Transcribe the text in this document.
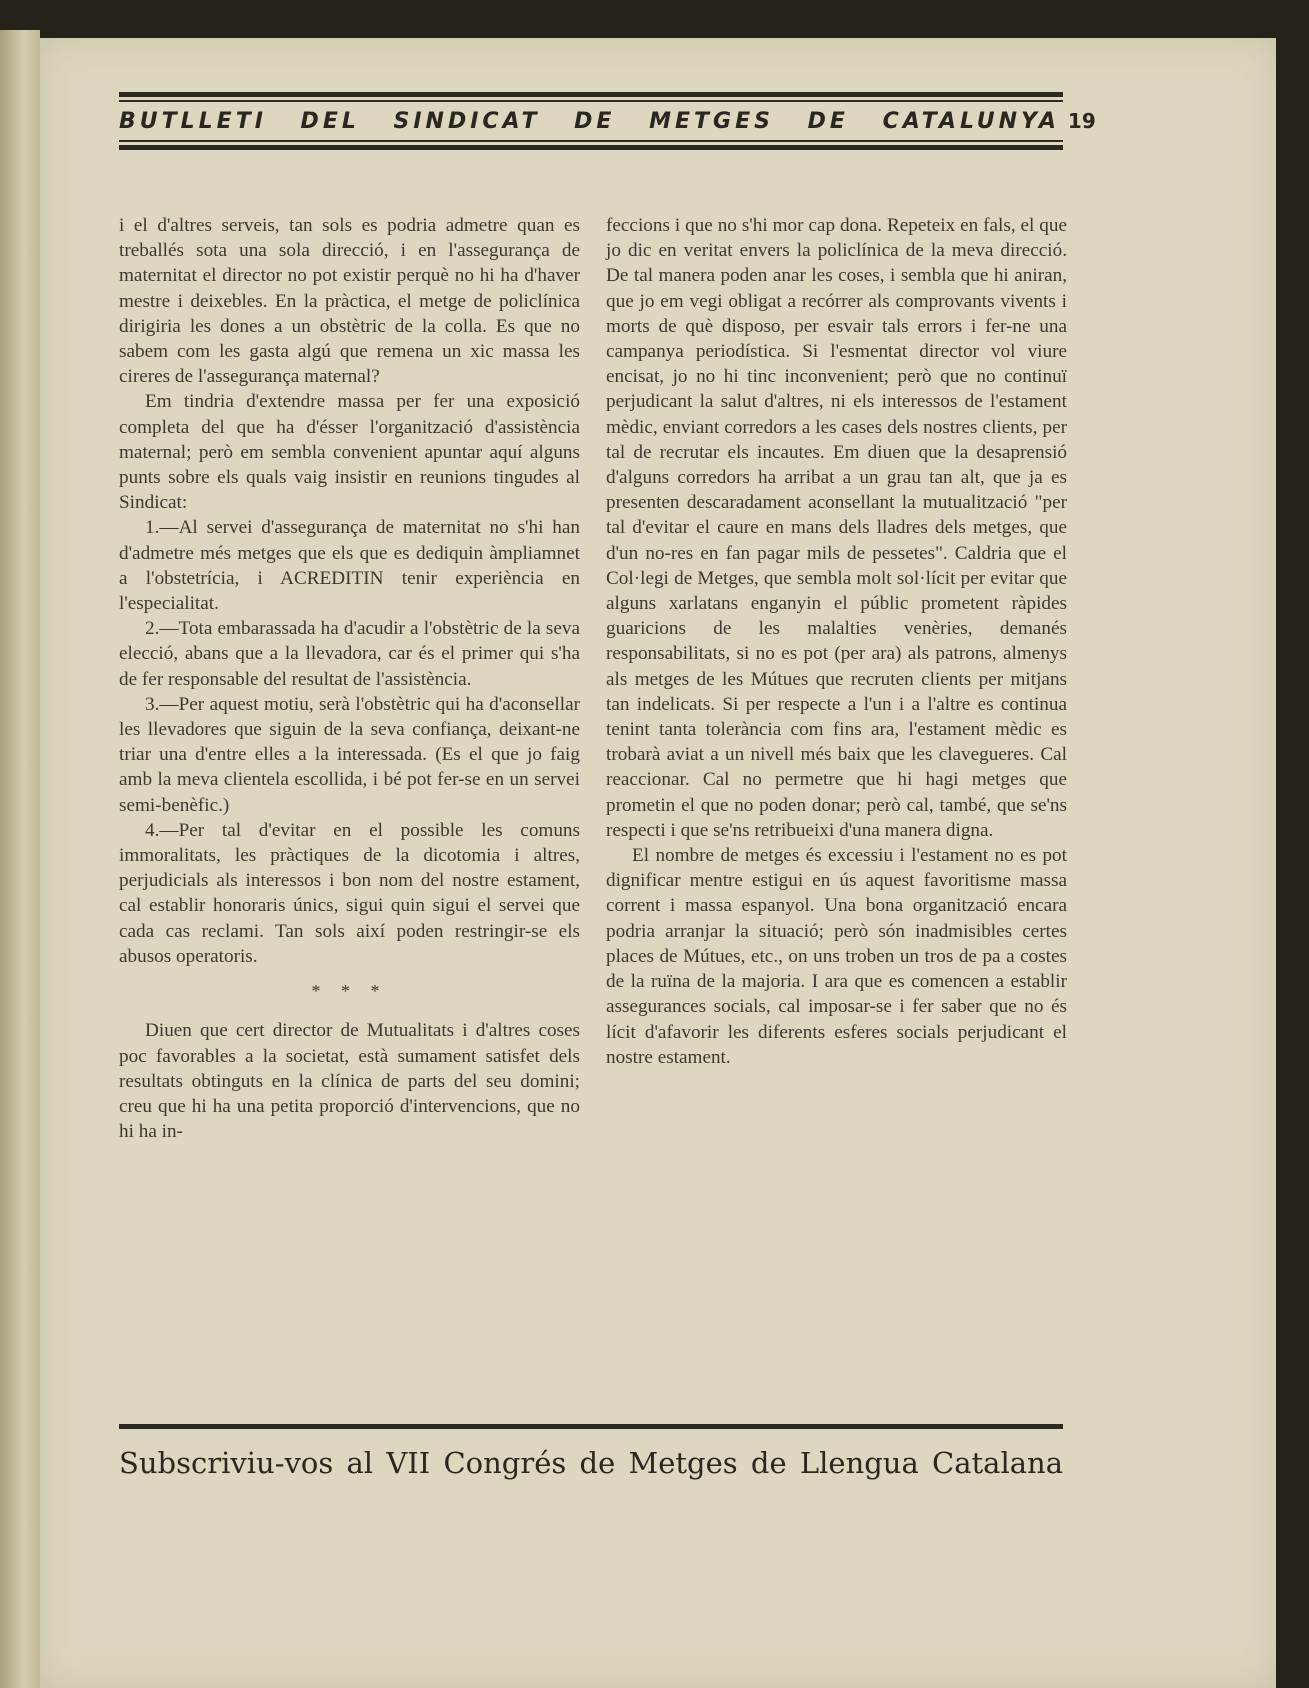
BUTLLETI DEL SINDICAT DE METGES DE CATALUNYA 19

i el d'altres serveis, tan sols es podria admetre quan es treballés sota una sola direcció, i en l'assegurança de maternitat el director no pot existir perquè no hi ha d'haver mestre i deixebles. En la pràctica, el metge de policlínica dirigiria les dones a un obstètric de la colla. Es que no sabem com les gasta algú que remena un xic massa les cireres de l'assegurança maternal?

Em tindria d'extendre massa per fer una exposició completa del que ha d'ésser l'organització d'assistència maternal; però em sembla convenient apuntar aquí alguns punts sobre els quals vaig insistir en reunions tingudes al Sindicat:

1.—Al servei d'assegurança de maternitat no s'hi han d'admetre més metges que els que es dediquin àmpliamnet a l'obstetrícia, i ACREDITIN tenir experiència en l'especialitat.

2.—Tota embarassada ha d'acudir a l'obstètric de la seva elecció, abans que a la llevadora, car és el primer qui s'ha de fer responsable del resultat de l'assistència.

3.—Per aquest motiu, serà l'obstètric qui ha d'aconsellar les llevadores que siguin de la seva confiança, deixant-ne triar una d'entre elles a la interessada. (Es el que jo faig amb la meva clientela escollida, i bé pot fer-se en un servei semi-benèfic.)

4.—Per tal d'evitar en el possible les comuns immoralitats, les pràctiques de la dicotomia i altres, perjudicials als interessos i bon nom del nostre estament, cal establir honoraris únics, sigui quin sigui el servei que cada cas reclami. Tan sols així poden restringir-se els abusos operatoris.

* * *

Diuen que cert director de Mutualitats i d'altres coses poc favorables a la societat, està sumament satisfet dels resultats obtinguts en la clínica de parts del seu domini; creu que hi ha una petita proporció d'intervencions, que no hi ha in-

feccions i que no s'hi mor cap dona. Repeteix en fals, el que jo dic en veritat envers la policlínica de la meva direcció. De tal manera poden anar les coses, i sembla que hi aniran, que jo em vegi obligat a recórrer als comprovants vivents i morts de què disposo, per esvair tals errors i fer-ne una campanya periodística. Si l'esmentat director vol viure encisat, jo no hi tinc inconvenient; però que no continuï perjudicant la salut d'altres, ni els interessos de l'estament mèdic, enviant corredors a les cases dels nostres clients, per tal de recrutar els incautes. Em diuen que la desaprensió d'alguns corredors ha arribat a un grau tan alt, que ja es presenten descaradament aconsellant la mutualització "per tal d'evitar el caure en mans dels lladres dels metges, que d'un no-res en fan pagar mils de pessetes". Caldria que el Col·legi de Metges, que sembla molt sol·lícit per evitar que alguns xarlatans enganyin el públic prometent ràpides guaricions de les malalties venèries, demanés responsabilitats, si no es pot (per ara) als patrons, almenys als metges de les Mútues que recruten clients per mitjans tan indelicats. Si per respecte a l'un i a l'altre es continua tenint tanta tolerància com fins ara, l'estament mèdic es trobarà aviat a un nivell més baix que les clavegueres. Cal reaccionar. Cal no permetre que hi hagi metges que prometin el que no poden donar; però cal, també, que se'ns respecti i que se'ns retribueixi d'una manera digna.

El nombre de metges és excessiu i l'estament no es pot dignificar mentre estigui en ús aquest favoritisme massa corrent i massa espanyol. Una bona organització encara podria arranjar la situació; però són inadmisibles certes places de Mútues, etc., on uns troben un tros de pa a costes de la ruïna de la majoria. I ara que es comencen a establir assegurances socials, cal imposar-se i fer saber que no és lícit d'afavorir les diferents esferes socials perjudicant el nostre estament.

Subscriviu-vos al VII Congrés de Metges de Llengua Catalana
